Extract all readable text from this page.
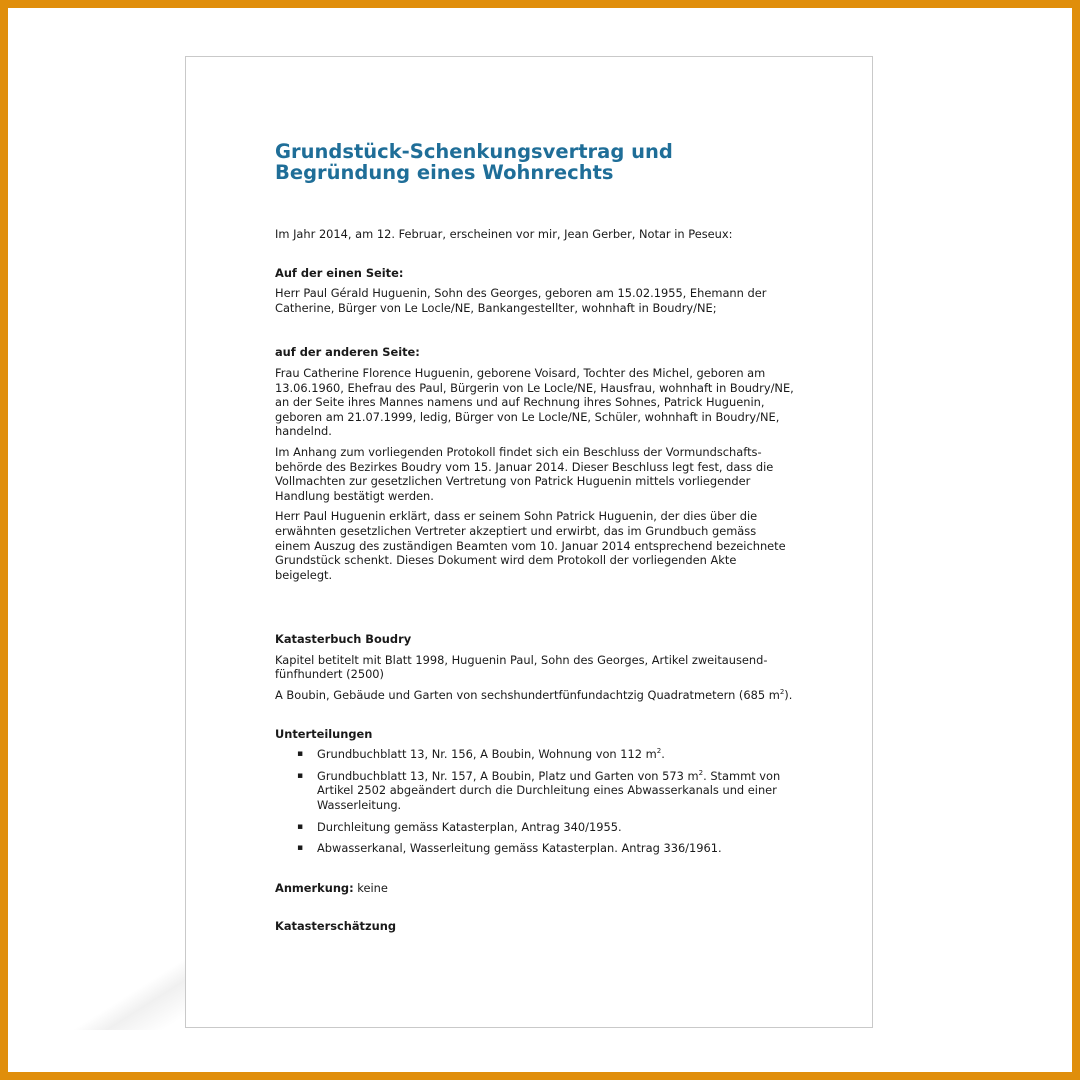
Grundstück-Schenkungsvertrag und Begründung eines Wohnrechts

Im Jahr 2014, am 12. Februar, erscheinen vor mir, Jean Gerber, Notar in Peseux:

Auf der einen Seite:

Herr Paul Gérald Huguenin, Sohn des Georges, geboren am 15.02.1955, Ehemann der Catherine, Bürger von Le Locle/NE, Bankangestellter, wohnhaft in Boudry/NE;

auf der anderen Seite:

Frau Catherine Florence Huguenin, geborene Voisard, Tochter des Michel, geboren am 13.06.1960, Ehefrau des Paul, Bürgerin von Le Locle/NE, Hausfrau, wohnhaft in Boudry/NE, an der Seite ihres Mannes namens und auf Rechnung ihres Sohnes, Patrick Huguenin, geboren am 21.07.1999, ledig, Bürger von Le Locle/NE, Schüler, wohnhaft in Boudry/NE, handelnd.

Im Anhang zum vorliegenden Protokoll findet sich ein Beschluss der Vormundschafts-behörde des Bezirkes Boudry vom 15. Januar 2014. Dieser Beschluss legt fest, dass die Vollmachten zur gesetzlichen Vertretung von Patrick Huguenin mittels vorliegender Handlung bestätigt werden.

Herr Paul Huguenin erklärt, dass er seinem Sohn Patrick Huguenin, der dies über die erwähnten gesetzlichen Vertreter akzeptiert und erwirbt, das im Grundbuch gemäss einem Auszug des zuständigen Beamten vom 10. Januar 2014 entsprechend bezeichnete Grundstück schenkt. Dieses Dokument wird dem Protokoll der vorliegenden Akte beigelegt.

Katasterbuch Boudry

Kapitel betitelt mit Blatt 1998, Huguenin Paul, Sohn des Georges, Artikel zweitausend-fünfhundert (2500)

A Boubin, Gebäude und Garten von sechshundertfünfundachtzig Quadratmetern (685 $m^2$).

Unterteilungen
▪ Grundbuchblatt 13, Nr. 156, A Boubin, Wohnung von 112 $m^2$.
▪ Grundbuchblatt 13, Nr. 157, A Boubin, Platz und Garten von 573 $m^2$. Stammt von Artikel 2502 abgeändert durch die Durchleitung eines Abwasserkanals und einer Wasserleitung.
▪ Durchleitung gemäss Katasterplan, Antrag 340/1955.
▪ Abwasserkanal, Wasserleitung gemäss Katasterplan. Antrag 336/1961.

Anmerkung: keine

Katasterschätzung
